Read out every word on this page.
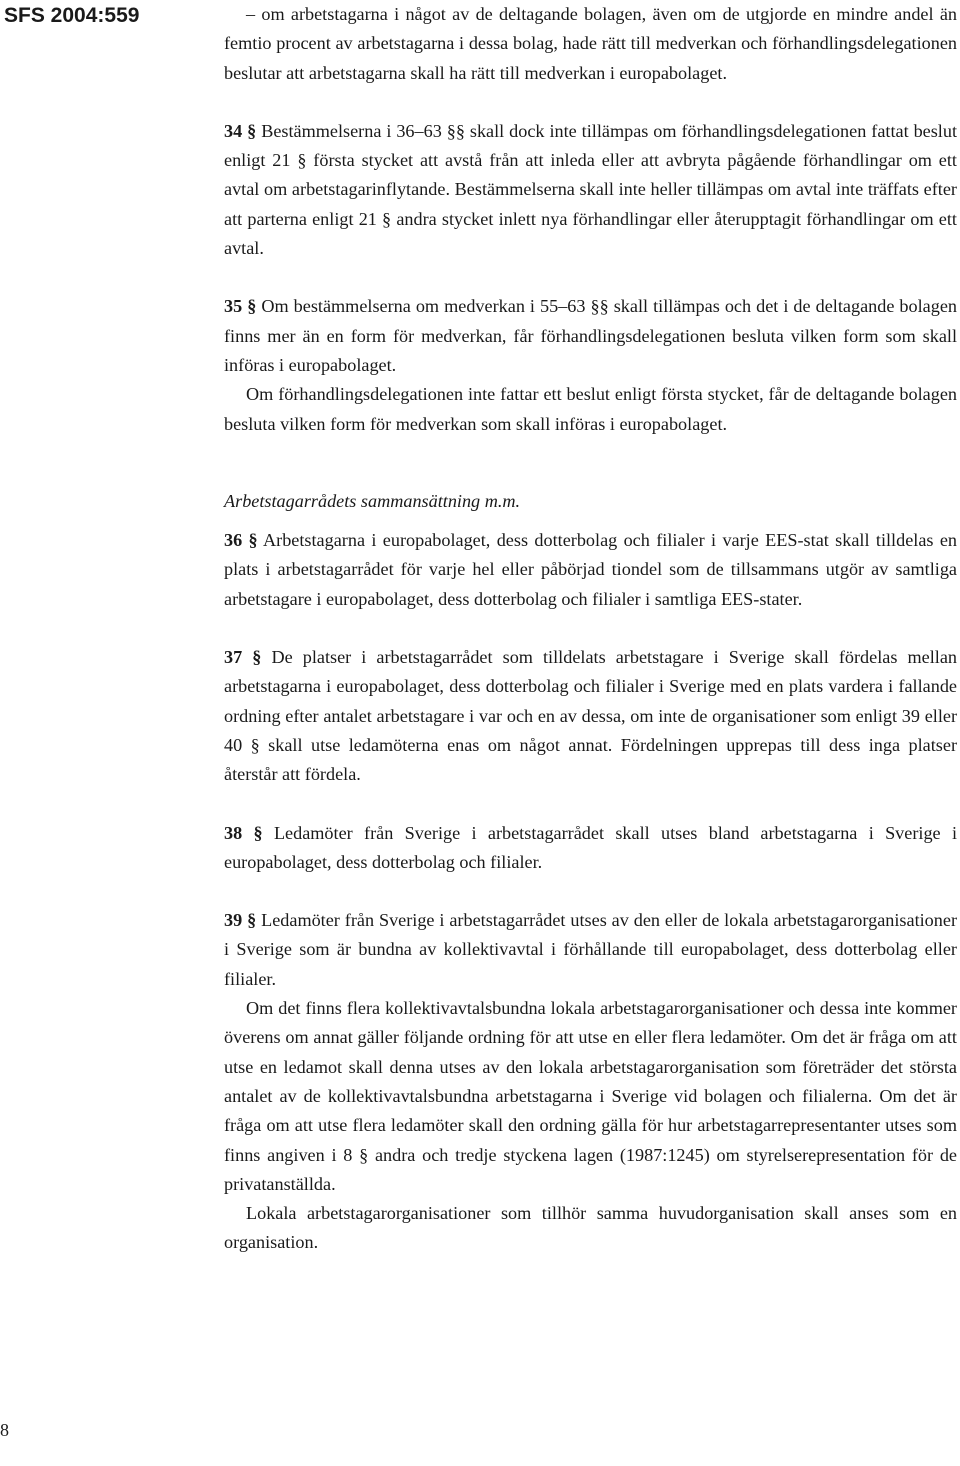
SFS 2004:559
8

– om arbetstagarna i något av de deltagande bolagen, även om de utgjorde en mindre andel än femtio procent av arbetstagarna i dessa bolag, hade rätt till medverkan och förhandlingsdelegationen beslutar att arbetstagarna skall ha rätt till medverkan i europabolaget.

34 § Bestämmelserna i 36–63 §§ skall dock inte tillämpas om förhandlingsdelegationen fattat beslut enligt 21 § första stycket att avstå från att inleda eller att avbryta pågående förhandlingar om ett avtal om arbetstagarinflytande. Bestämmelserna skall inte heller tillämpas om avtal inte träffats efter att parterna enligt 21 § andra stycket inlett nya förhandlingar eller återupptagit förhandlingar om ett avtal.

35 § Om bestämmelserna om medverkan i 55–63 §§ skall tillämpas och det i de deltagande bolagen finns mer än en form för medverkan, får förhandlingsdelegationen besluta vilken form som skall införas i europabolaget.

Om förhandlingsdelegationen inte fattar ett beslut enligt första stycket, får de deltagande bolagen besluta vilken form för medverkan som skall införas i europabolaget.

Arbetstagarrådets sammansättning m.m.

36 § Arbetstagarna i europabolaget, dess dotterbolag och filialer i varje EES-stat skall tilldelas en plats i arbetstagarrådet för varje hel eller påbörjad tiondel som de tillsammans utgör av samtliga arbetstagare i europabolaget, dess dotterbolag och filialer i samtliga EES-stater.

37 § De platser i arbetstagarrådet som tilldelats arbetstagare i Sverige skall fördelas mellan arbetstagarna i europabolaget, dess dotterbolag och filialer i Sverige med en plats vardera i fallande ordning efter antalet arbetstagare i var och en av dessa, om inte de organisationer som enligt 39 eller 40 § skall utse ledamöterna enas om något annat. Fördelningen upprepas till dess inga platser återstår att fördela.

38 § Ledamöter från Sverige i arbetstagarrådet skall utses bland arbetstagarna i Sverige i europabolaget, dess dotterbolag och filialer.

39 § Ledamöter från Sverige i arbetstagarrådet utses av den eller de lokala arbetstagarorganisationer i Sverige som är bundna av kollektivavtal i förhållande till europabolaget, dess dotterbolag eller filialer.

Om det finns flera kollektivavtalsbundna lokala arbetstagarorganisationer och dessa inte kommer överens om annat gäller följande ordning för att utse en eller flera ledamöter. Om det är fråga om att utse en ledamot skall denna utses av den lokala arbetstagarorganisation som företräder det största antalet av de kollektivavtalsbundna arbetstagarna i Sverige vid bolagen och filialerna. Om det är fråga om att utse flera ledamöter skall den ordning gälla för hur arbetstagarrepresentanter utses som finns angiven i 8 § andra och tredje styckena lagen (1987:1245) om styrelserepresentation för de privatanställda.

Lokala arbetstagarorganisationer som tillhör samma huvudorganisation skall anses som en organisation.
